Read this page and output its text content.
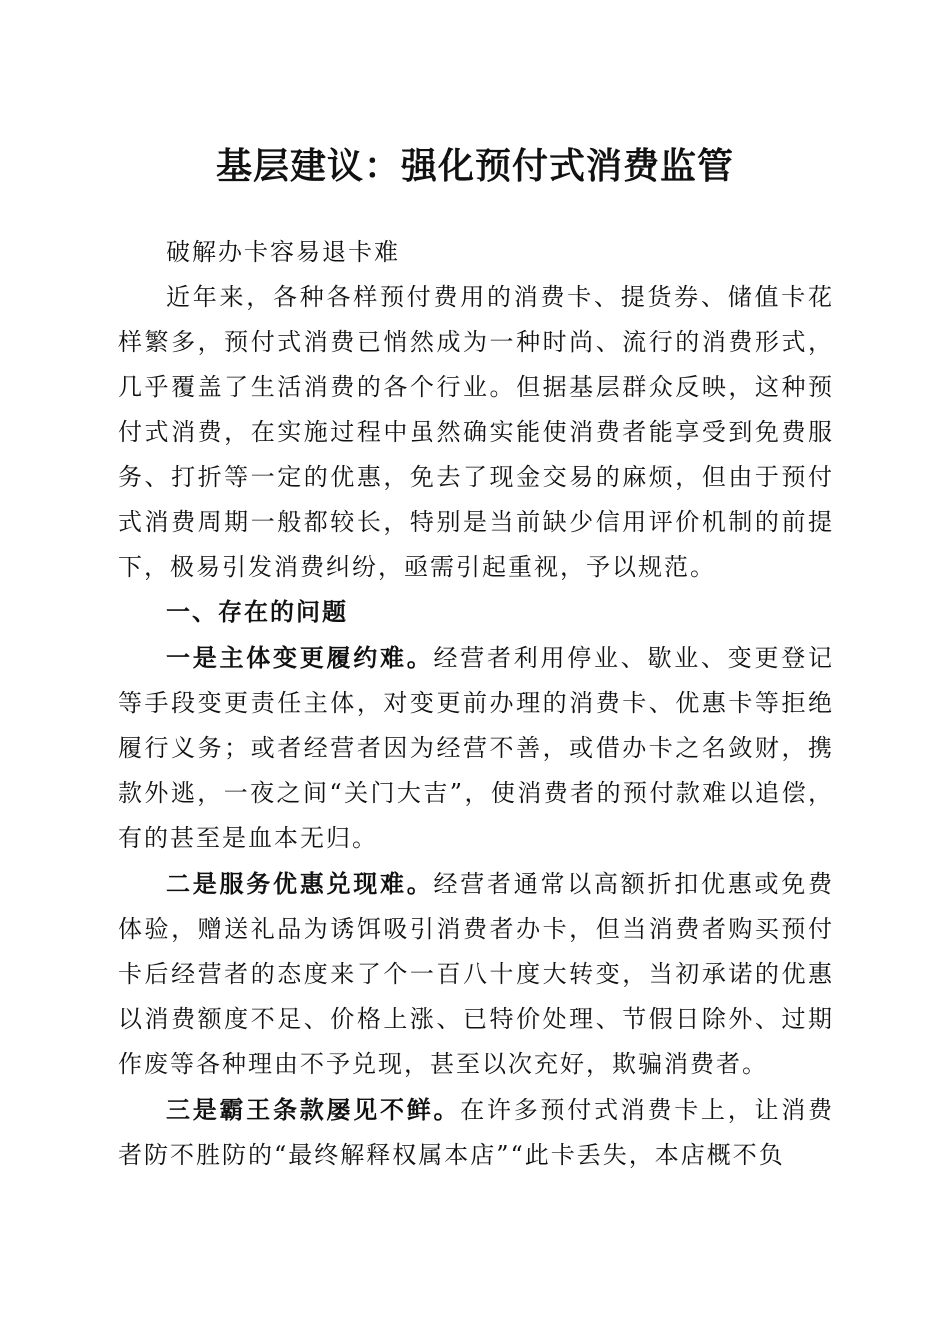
基层建议：强化预付式消费监管

破解办卡容易退卡难

近年来，各种各样预付费用的消费卡、提货券、储值卡花样繁多，预付式消费已悄然成为一种时尚、流行的消费形式，几乎覆盖了生活消费的各个行业。但据基层群众反映，这种预付式消费，在实施过程中虽然确实能使消费者能享受到免费服务、打折等一定的优惠，免去了现金交易的麻烦，但由于预付式消费周期一般都较长，特别是当前缺少信用评价机制的前提下，极易引发消费纠纷，亟需引起重视，予以规范。

一、存在的问题

一是主体变更履约难。经营者利用停业、歇业、变更登记等手段变更责任主体，对变更前办理的消费卡、优惠卡等拒绝履行义务；或者经营者因为经营不善，或借办卡之名敛财，携款外逃，一夜之间“关门大吉”，使消费者的预付款难以追偿，有的甚至是血本无归。

二是服务优惠兑现难。经营者通常以高额折扣优惠或免费体验，赠送礼品为诱饵吸引消费者办卡，但当消费者购买预付卡后经营者的态度来了个一百八十度大转变，当初承诺的优惠以消费额度不足、价格上涨、已特价处理、节假日除外、过期作废等各种理由不予兑现，甚至以次充好，欺骗消费者。

三是霸王条款屡见不鲜。在许多预付式消费卡上，让消费者防不胜防的“最终解释权属本店”“此卡丢失，本店概不负
